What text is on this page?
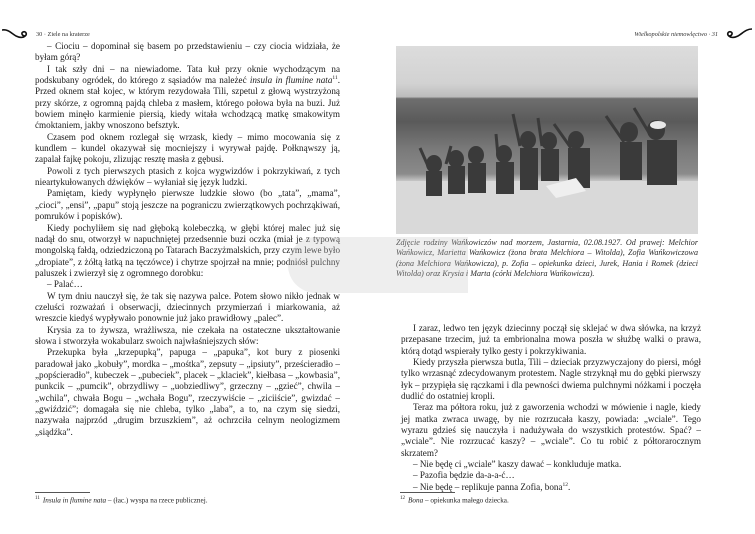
30 · Ziele na kraterze

– Ciociu – dopominał się basem po przedstawieniu – czy ciocia widziała, że byłam górą?

I tak szły dni – na niewiadome. Tata kuł przy oknie wychodzącym na podskubany ogródek, do którego z sąsiadów ma należeć insula in flumine nata$^{11}$. Przed oknem stał kojec, w którym rezydowała Tili, szpetul z głową wystrzyżoną przy skórze, z ogromną pajdą chleba z masłem, którego połowa była na buzi. Już bowiem minęło karmienie piersią, kiedy witała wchodzącą matkę smakowitym ćmoktaniem, jakby wnoszono befsztyk.

Czasem pod oknem rozlegał się wrzask, kiedy – mimo mocowania się z kundlem – kundel okazywał się mocniejszy i wyrywał pajdę. Połknąwszy ją, zapalał fajkę pokoju, zlizując resztę masła z gębusi.

Powoli z tych pierwszych ptasich z kojca wygwizdów i pokrzykiwań, z tych nieartykułowanych dźwięków – wyłaniał się język ludzki.

Pamiętam, kiedy wypłynęło pierwsze ludzkie słowo (bo „tata”, „mama”, „cioci”, „ensi”, „papu” stoją jeszcze na pograniczu zwierzątkowych pochrząkiwań, pomruków i popisków).

Kiedy pochyliłem się nad głęboką kolebeczką, w głębi której malec już się nadął do snu, otworzył w napuchniętej przedsennie buzi oczka (miał je z typową mongolską fałdą, odziedziczoną po Tatarach Baczyżmalskich, przy czym lewe było „dropiate”, z żółtą łatką na tęczówce) i chytrze spojrzał na mnie; podniósł pulchny paluszek i zwierzył się z ogromnego dorobku:

– Palać…

W tym dniu nauczył się, że tak się nazywa palce. Potem słowo nikło jednak w czeluści rozważań i obserwacji, dziecinnych przymierzań i miarkowania, aż wreszcie kiedyś wypływało ponownie już jako prawidłowy „palec”.

Krysia za to żywsza, wrażliwsza, nie czekała na ostateczne ukształtowanie słowa i stworzyła wokabularz swoich najwłaśniejszych słów:

Przekupka była „krzepupką”, papuga – „papuka”, kot bury z piosenki paradował jako „kobuły”, mordka – „mośtka”, zepsuty – „ipsiuty”, prześcieradło – „popścieradło”, kubeczek – „pubeciek”, placek – „klaciek”, kiełbasa – „kowbasia”, punkcik – „pumcik”, obrzydliwy – „uobziedliwy”, grzeczny – „gzieć”, chwila – „wchila”, chwała Bogu – „wchała Bogu”, rzeczywiście – „ziciiście”, gwizdać – „gwiździć”; domagała się nie chleba, tylko „laba”, a to, na czym się siedzi, nazywała najprzód „drugim brzuszkiem”, aż ochrzciła celnym neologizmem „siądźka”.

$^{11}$ Insula in flumine nata – (łac.) wyspa na rzece publicznej.
Wielkopolskie niemowlęctwo · 31
Zdjęcie rodziny Wańkowiczów nad morzem, Jastarnia, 02.08.1927. Od prawej: Melchior Wańkowicz, Marietta Wańkowicz (żona brata Melchiora – Witolda), Zofia Wańkowiczowa (żona Melchiora Wańkowicza), p. Zofia – opiekunka dzieci, Jurek, Hania i Romek (dzieci Witolda) oraz Krysia i Marta (córki Melchiora Wańkowicza).

I zaraz, ledwo ten język dziecinny począł się sklejać w dwa słówka, na krzyż przepasane trzecim, już ta embrionalna mowa poszła w służbę walki o prawa, którą dotąd wspierały tylko gesty i pokrzykiwania.

Kiedy przyszła pierwsza butla, Tili – dzieciak przyzwyczajony do piersi, mógł tylko wrzasnąć zdecydowanym protestem. Nagle strzyknął mu do gębki pierwszy łyk – przypięła się rączkami i dla pewności dwiema pulchnymi nóżkami i poczęła dudlić do ostatniej kropli.

Teraz ma półtora roku, już z gaworzenia wchodzi w mówienie i nagle, kiedy jej matka zwraca uwagę, by nie rozrzucała kaszy, powiada: „wciale”. Tego wyrazu gdzieś się nauczyła i nadużywała do wszystkich protestów. Spać? – „wciale”. Nie rozrzucać kaszy? – „wciale”. Co tu robić z półtorarocznym skrzatem?

– Nie będę ci „wciale” kaszy dawać – konkluduje matka.

– Pazofia będzie da-a-a-ć…

– Nie będę – replikuje panna Zofia, bona$^{12}$.

$^{12}$ Bona – opiekunka małego dziecka.
